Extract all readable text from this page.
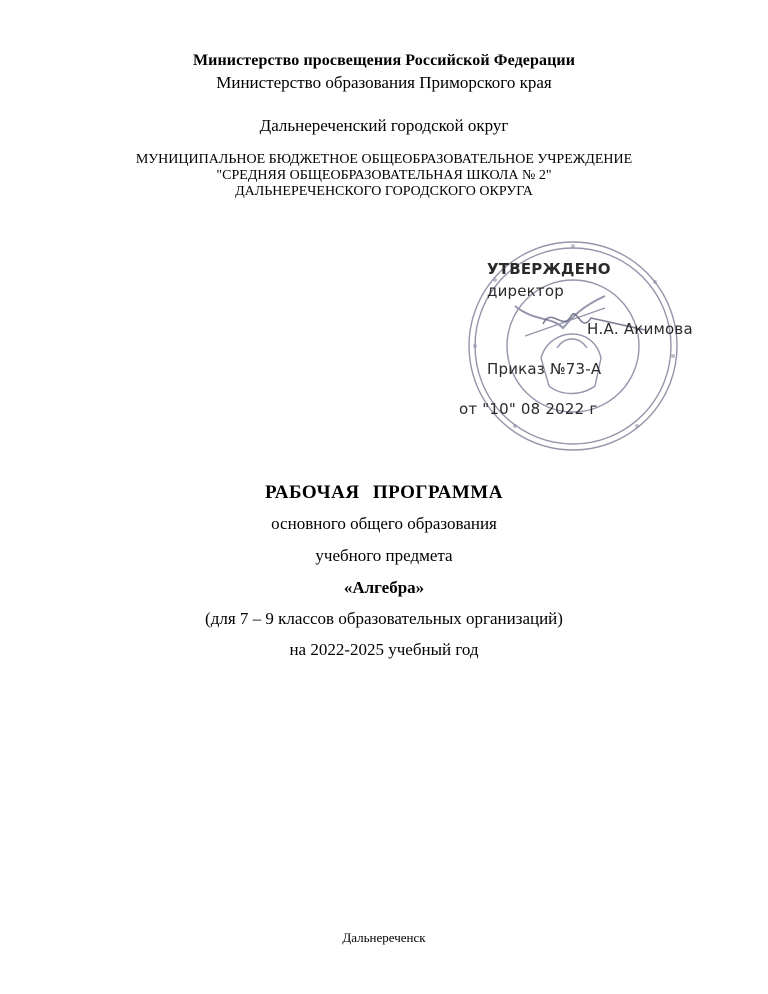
Министерство просвещения Российской Федерации
Министерство образования Приморского края
Дальнереченский городской округ
МУНИЦИПАЛЬНОЕ БЮДЖЕТНОЕ ОБЩЕОБРАЗОВАТЕЛЬНОЕ УЧРЕЖДЕНИЕ
"СРЕДНЯЯ ОБЩЕОБРАЗОВАТЕЛЬНАЯ ШКОЛА № 2"
ДАЛЬНЕРЕЧЕНСКОГО ГОРОДСКОГО ОКРУГА
УТВЕРЖДЕНО
директор
Н.А. Акимова
Приказ №73-А
от "10" 08 2022 г
РАБОЧАЯ ПРОГРАММА
основного общего образования
учебного предмета
«Алгебра»
(для 7 – 9 классов образовательных организаций)
на 2022-2025 учебный год
Дальнереченск
